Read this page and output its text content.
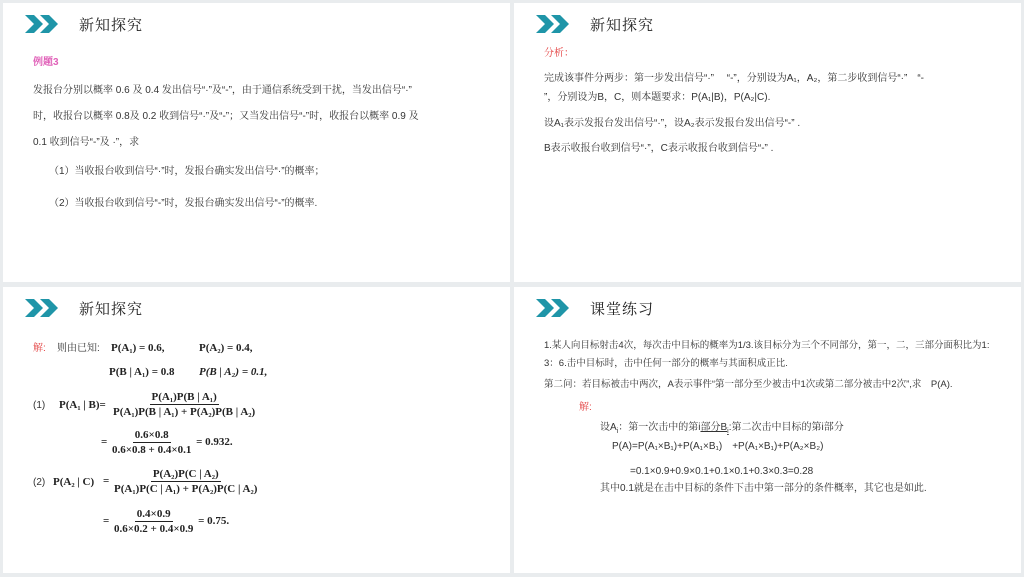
新知探究
例题3
发报台分别以概率 0.6 及 0.4 发出信号“·”及“-”，由于通信系统受到干扰，当发出信号“·”
时，收报台以概率 0.8及 0.2 收到信号“·”及“-”；又当发出信号“-”时，收报台以概率 0.9 及
0.1 收到信号“-”及 ·”，求
（1）当收报台收到信号“·”时，发报台确实发出信号“·”的概率；
（2）当收报台收到信号“-”时，发报台确实发出信号“-”的概率.
新知探究
分析：
完成该事件分两步：第一步发出信号“·”　 “-”，分别设为A₁，A₂，第二步收到信号“·”　“-
”，分别设为B，C，则本题要求：P(A₁|B)，P(A₂|C).
设A₁表示发报台发出信号“·”，设A₂表示发报台发出信号“-” .
B表示收报台收到信号“·”，C表示收报台收到信号“-” .
新知探究
解: 则由已知: P(A₁) = 0.6,	P(A₂) = 0.4,
P(B | A₁) = 0.8 P(B | A₂) = 0.1,
(1) P(A₁ | $B)= \frac{\text{P(A₁)P(B | A₁)}}{\text{P(A₁)P(B | A₁) + P(A₂)P(B | A₂)}}$
= $\frac{0.6\times 0.8}{0.6\times 0.8 + 0.4\times 0.1} = 0.932$.
(2) P(A₂ | $C) = \frac{\text{P(A₂)P(C | A₂)}}{\text{P(A₁)P(C | A₁) + P(A₂)P(C | A₂)}}$
= $\frac{0.4\times 0.9}{0.6\times 0.2 + 0.4\times 0.9} = 0.75$.
课堂练习
1.某人向目标射击4次，每次击中目标的概率为1/3.该目标分为三个不同部分，第一，二，三部分面积比为1:
3：6.击中目标时，击中任何一部分的概率与其面积成正比.
第二问：若目标被击中两次，A表示事件“第一部分至少被击中1次或第二部分被击中2次”,求　P(A).
解:
设$A_i$：第一次击中的第i部分$B_i$:第二次击中目标的第i部分
P(A)=P(A₁×B₁)+P(A₁×B₁)　+P(A₁×B₁)+P(A₂×B₂)
=0.1×0.9+0.9×0.1+0.1×0.1+0.3×0.3=0.28
其中0.1就是在击中目标的条件下击中第一部分的条件概率，其它也是如此.
